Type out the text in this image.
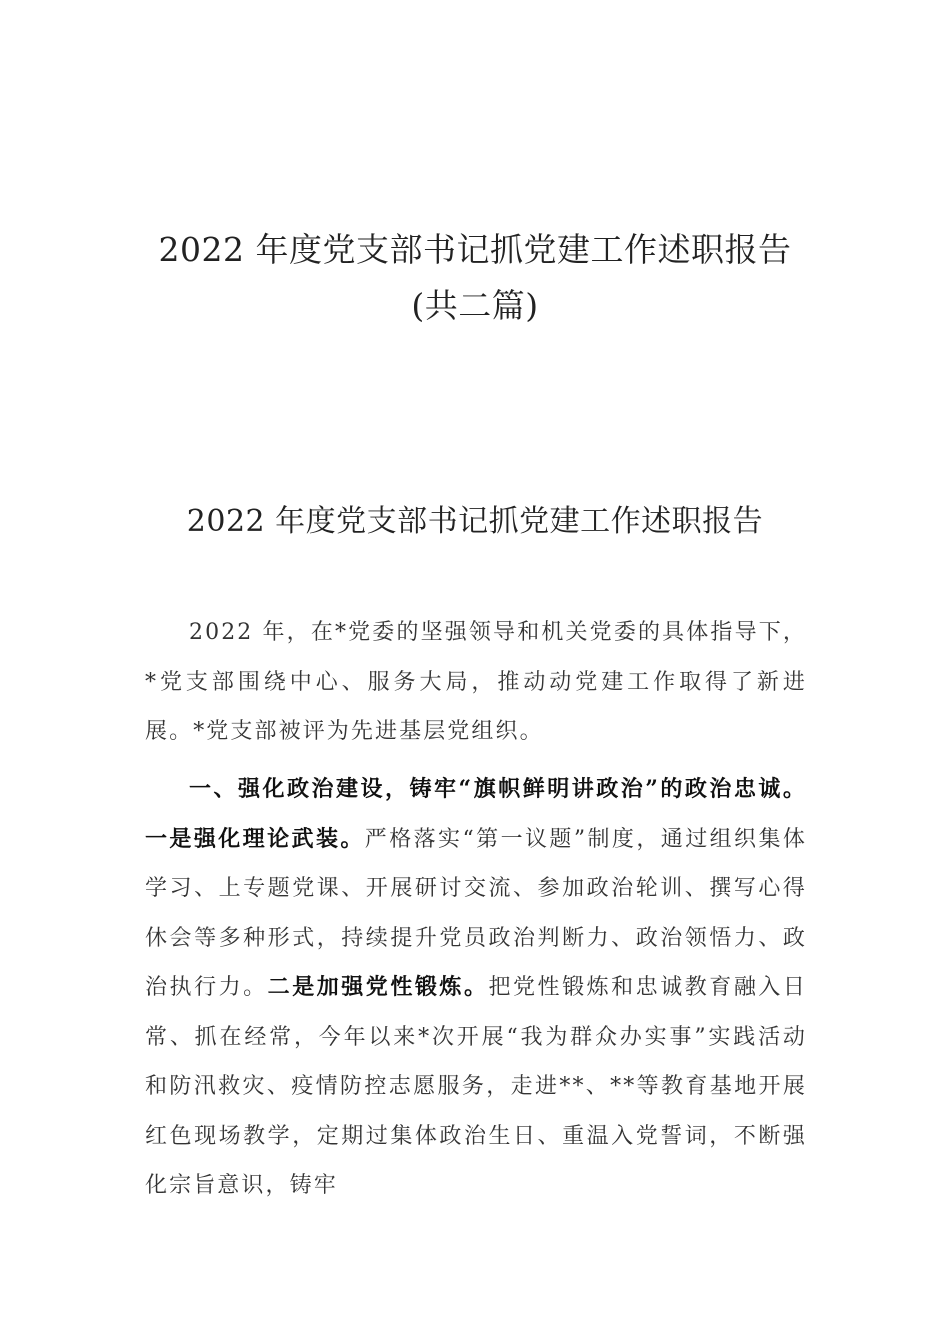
2022 年度党支部书记抓党建工作述职报告
(共二篇)
2022 年度党支部书记抓党建工作述职报告

2022 年，在*党委的坚强领导和机关党委的具体指导下，*党支部围绕中心、服务大局，推动动党建工作取得了新进展。*党支部被评为先进基层党组织。

一、强化政治建设，铸牢“旗帜鲜明讲政治”的政治忠诚。一是强化理论武装。严格落实“第一议题”制度，通过组织集体学习、上专题党课、开展研讨交流、参加政治轮训、撰写心得休会等多种形式，持续提升党员政治判断力、政治领悟力、政治执行力。二是加强党性锻炼。把党性锻炼和忠诚教育融入日常、抓在经常，今年以来*次开展“我为群众办实事”实践活动和防汛救灾、疫情防控志愿服务，走进**、**等教育基地开展红色现场教学，定期过集体政治生日、重温入党誓词，不断强化宗旨意识，铸牢
